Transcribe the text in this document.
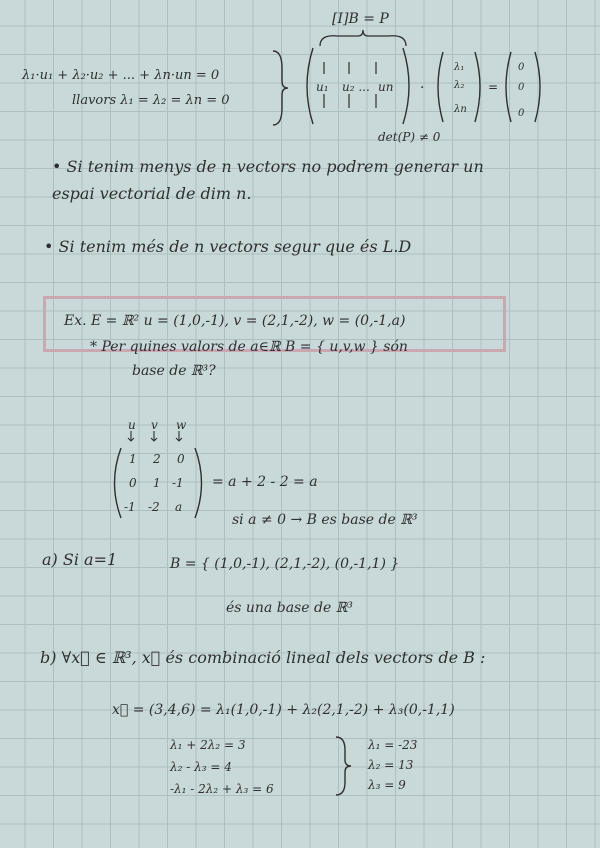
[I]B = P
λ₁·u₁ + λ₂·u₂ + ... + λn·un = 0
llavors λ₁ = λ₂ = λn = 0
u₁ u₂ ... un ·
λ₁
λ₂
λn
=
0
0
0
det(P) ≠ 0
• Si tenim menys de n vectors no podrem generar un
espai vectorial de dim n.
• Si tenim més de n vectors segur que és L.D
Ex. E = ℝ² u = (1,0,-1), v = (2,1,-2), w = (0,-1,a)
* Per quines valors de a∈ℝ B = { u,v,w } són
base de ℝ³?
u v w
1 2 0
0 1 -1
-1 -2 a
= a + 2 - 2 = a
si a ≠ 0 → B es base de ℝ³
a) Si a=1	B = { (1,0,-1), (2,1,-2), (0,-1,1) }
és una base de ℝ³
b) ∀x⃗ ∈ ℝ³, x⃗ és combinació lineal dels vectors de B :
x⃗ = (3,4,6) = λ₁(1,0,-1) + λ₂(2,1,-2) + λ₃(0,-1,1)
λ₁ + 2λ₂ = 3
λ₂ - λ₃ = 4
-λ₁ - 2λ₂ + λ₃ = 6
λ₁ = -23
λ₂ = 13
λ₃ = 9
